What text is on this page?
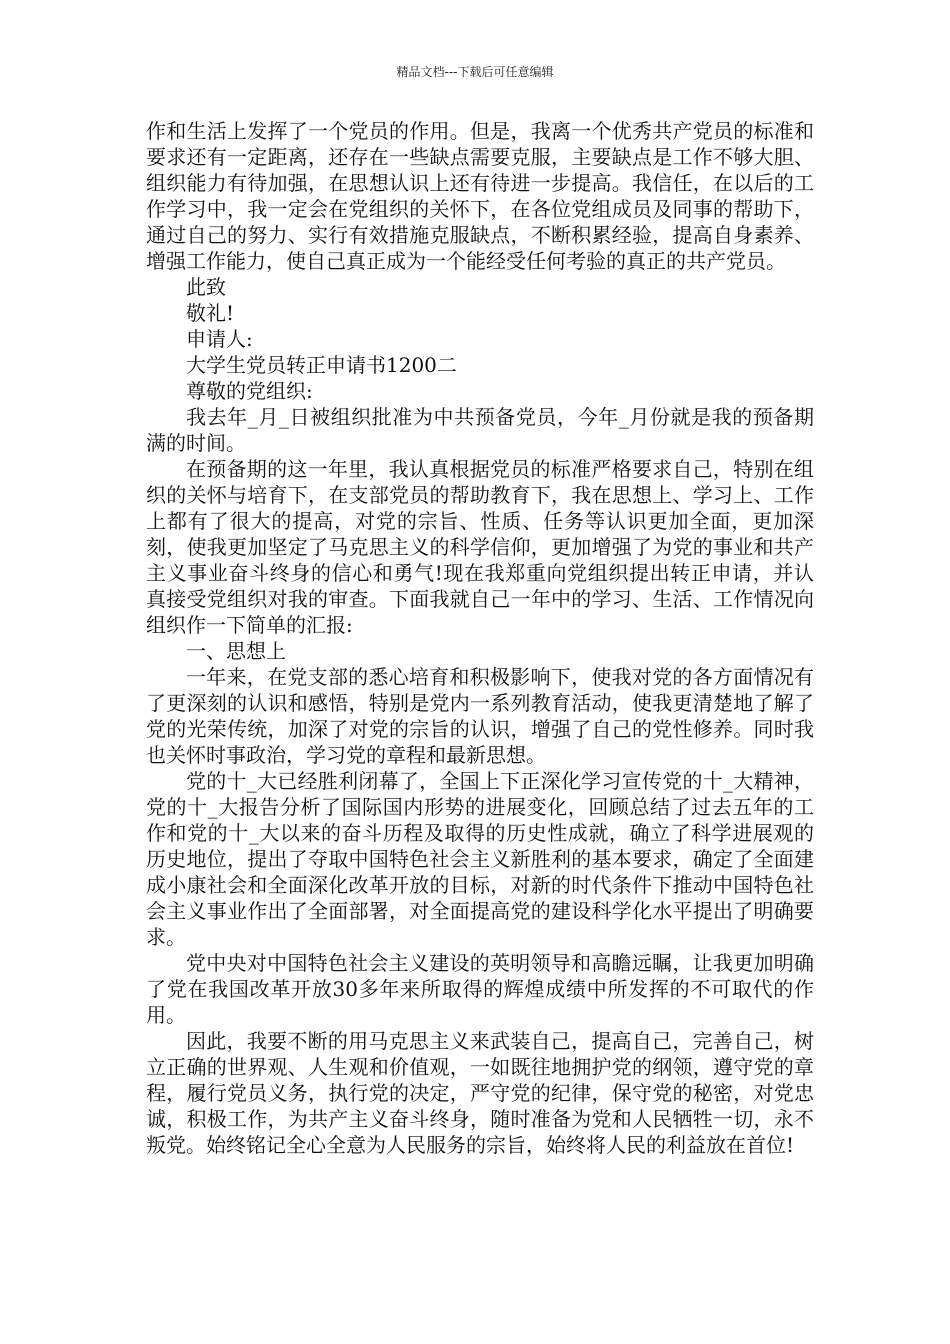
精品文档---下载后可任意编辑

作和生活上发挥了一个党员的作用。但是，我离一个优秀共产党员的标准和要求还有一定距离，还存在一些缺点需要克服，主要缺点是工作不够大胆、组织能力有待加强，在思想认识上还有待进一步提高。我信任，在以后的工作学习中，我一定会在党组织的关怀下，在各位党组成员及同事的帮助下，通过自己的努力、实行有效措施克服缺点，不断积累经验，提高自身素养、增强工作能力，使自己真正成为一个能经受任何考验的真正的共产党员。

此致

敬礼!

申请人:

大学生党员转正申请书1200二

尊敬的党组织:

我去年_月_日被组织批准为中共预备党员，今年_月份就是我的预备期满的时间。

在预备期的这一年里，我认真根据党员的标准严格要求自己，特别在组织的关怀与培育下，在支部党员的帮助教育下，我在思想上、学习上、工作上都有了很大的提高，对党的宗旨、性质、任务等认识更加全面，更加深刻，使我更加坚定了马克思主义的科学信仰，更加增强了为党的事业和共产主义事业奋斗终身的信心和勇气!现在我郑重向党组织提出转正申请，并认真接受党组织对我的审查。下面我就自己一年中的学习、生活、工作情况向组织作一下简单的汇报:

一、思想上

一年来，在党支部的悉心培育和积极影响下，使我对党的各方面情况有了更深刻的认识和感悟，特别是党内一系列教育活动，使我更清楚地了解了党的光荣传统，加深了对党的宗旨的认识，增强了自己的党性修养。同时我也关怀时事政治，学习党的章程和最新思想。

党的十_大已经胜利闭幕了，全国上下正深化学习宣传党的十_大精神，党的十_大报告分析了国际国内形势的进展变化，回顾总结了过去五年的工作和党的十_大以来的奋斗历程及取得的历史性成就，确立了科学进展观的历史地位，提出了夺取中国特色社会主义新胜利的基本要求，确定了全面建成小康社会和全面深化改革开放的目标，对新的时代条件下推动中国特色社会主义事业作出了全面部署，对全面提高党的建设科学化水平提出了明确要求。

党中央对中国特色社会主义建设的英明领导和高瞻远瞩，让我更加明确了党在我国改革开放30多年来所取得的辉煌成绩中所发挥的不可取代的作用。

因此，我要不断的用马克思主义来武装自己，提高自己，完善自己，树立正确的世界观、人生观和价值观，一如既往地拥护党的纲领，遵守党的章程，履行党员义务，执行党的决定，严守党的纪律，保守党的秘密，对党忠诚，积极工作，为共产主义奋斗终身，随时准备为党和人民牺牲一切，永不叛党。始终铭记全心全意为人民服务的宗旨，始终将人民的利益放在首位!
